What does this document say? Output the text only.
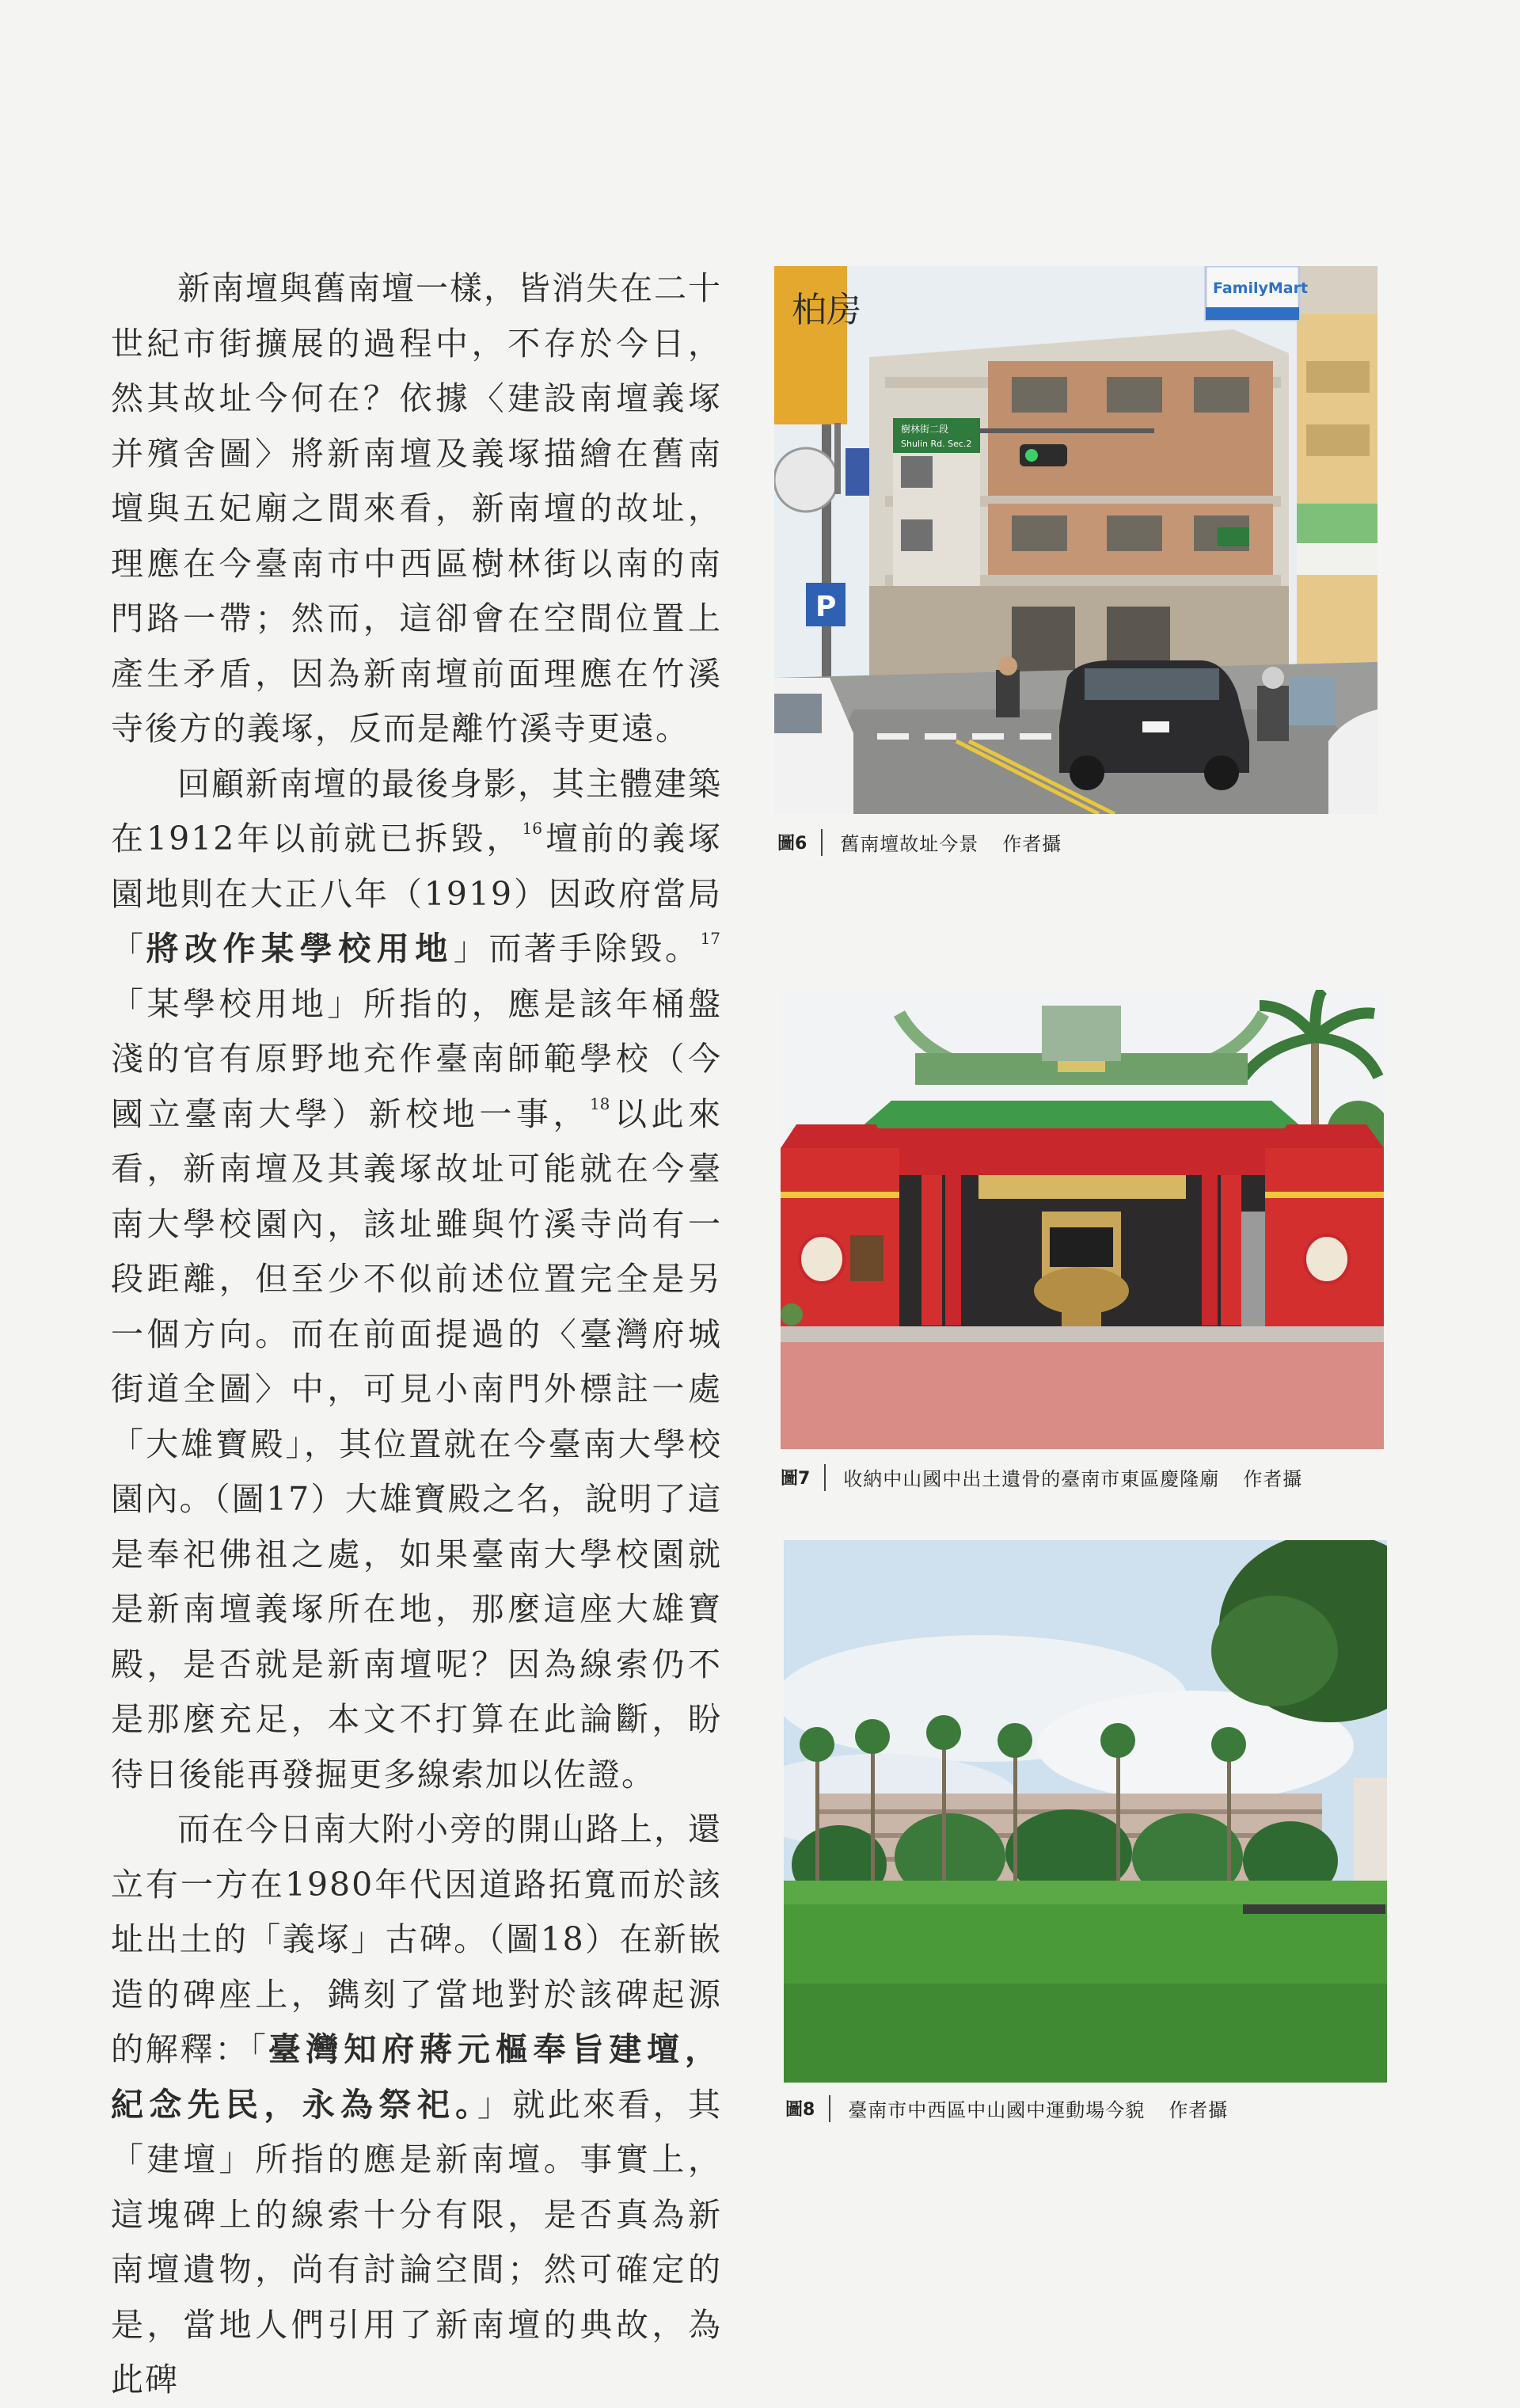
新南壇與舊南壇一樣，皆消失在二十世紀市街擴展的過程中，不存於今日，然其故址今何在？依據〈建設南壇義塚并殯舍圖〉將新南壇及義塚描繪在舊南壇與五妃廟之間來看，新南壇的故址，理應在今臺南市中西區樹林街以南的南門路一帶；然而，這卻會在空間位置上產生矛盾，因為新南壇前面理應在竹溪寺後方的義塚，反而是離竹溪寺更遠。

回顧新南壇的最後身影，其主體建築在1912年以前就已拆毀，$^{16}$壇前的義塚園地則在大正八年（1919）因政府當局「將改作某學校用地」而著手除毀。$^{17}$「某學校用地」所指的，應是該年桶盤淺的官有原野地充作臺南師範學校（今國立臺南大學）新校地一事，$^{18}$以此來看，新南壇及其義塚故址可能就在今臺南大學校園內，該址雖與竹溪寺尚有一段距離，但至少不似前述位置完全是另一個方向。而在前面提過的〈臺灣府城街道全圖〉中，可見小南門外標註一處「大雄寶殿」，其位置就在今臺南大學校園內。（圖17）大雄寶殿之名，說明了這是奉祀佛祖之處，如果臺南大學校園就是新南壇義塚所在地，那麼這座大雄寶殿，是否就是新南壇呢？因為線索仍不是那麼充足，本文不打算在此論斷，盼待日後能再發掘更多線索加以佐證。

而在今日南大附小旁的開山路上，還立有一方在1980年代因道路拓寬而於該址出土的「義塚」古碑。（圖18）在新嵌造的碑座上，鐫刻了當地對於該碑起源的解釋：「臺灣知府蔣元樞奉旨建壇，紀念先民，永為祭祀。」就此來看，其「建壇」所指的應是新南壇。事實上，這塊碑上的線索十分有限，是否真為新南壇遺物，尚有討論空間；然可確定的是，當地人們引用了新南壇的典故，為此碑

柏房
P
樹林街二段
Shulin Rd. Sec.2
FamilyMart
圖6 舊南壇故址今景 作者攝
圖7 收納中山國中出土遺骨的臺南市東區慶隆廟 作者攝
圖8 臺南市中西區中山國中運動場今貌 作者攝
